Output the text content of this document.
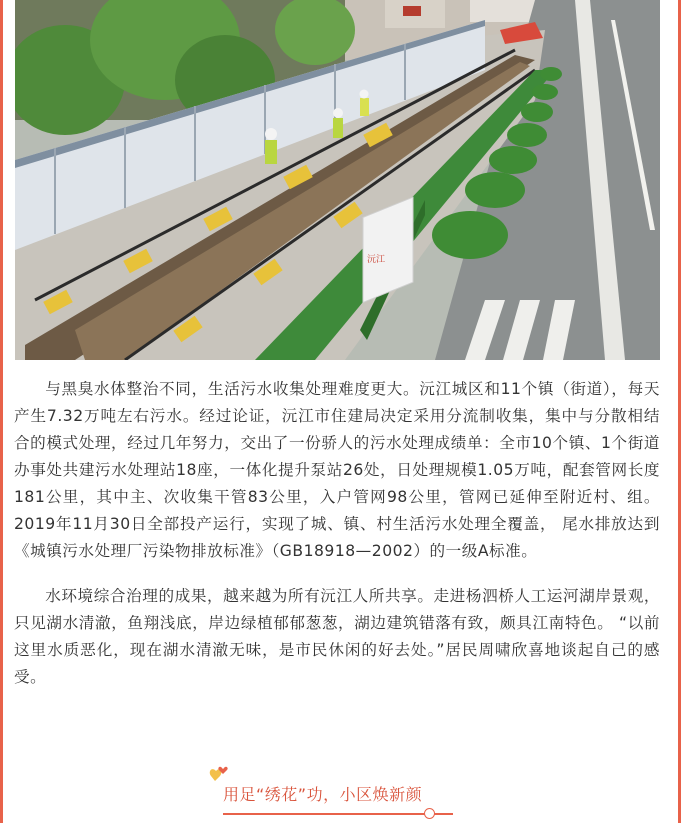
沅江

与黑臭水体整治不同，生活污水收集处理难度更大。沅江城区和11个镇（街道），每天产生7.32万吨左右污水。经过论证，沅江市住建局决定采用分流制收集，集中与分散相结合的模式处理，经过几年努力，交出了一份骄人的污水处理成绩单：全市10个镇、1个街道办事处共建污水处理站18座，一体化提升泵站26处，日处理规模1.05万吨，配套管网长度181公里，其中主、次收集干管83公里，入户管网98公里，管网已延伸至附近村、组。2019年11月30日全部投产运行，实现了城、镇、村生活污水处理全覆盖， 尾水排放达到《城镇污水处理厂污染物排放标准》（GB18918—2002）的一级A标准。

水环境综合治理的成果，越来越为所有沅江人所共享。走进杨泗桥人工运河湖岸景观，只见湖水清澈，鱼翔浅底，岸边绿植郁郁葱葱，湖边建筑错落有致，颇具江南特色。 “以前这里水质恶化，现在湖水清澈无味，是市民休闲的好去处。”居民周啸欣喜地谈起自己的感受。

用足“绣花”功，小区焕新颜
